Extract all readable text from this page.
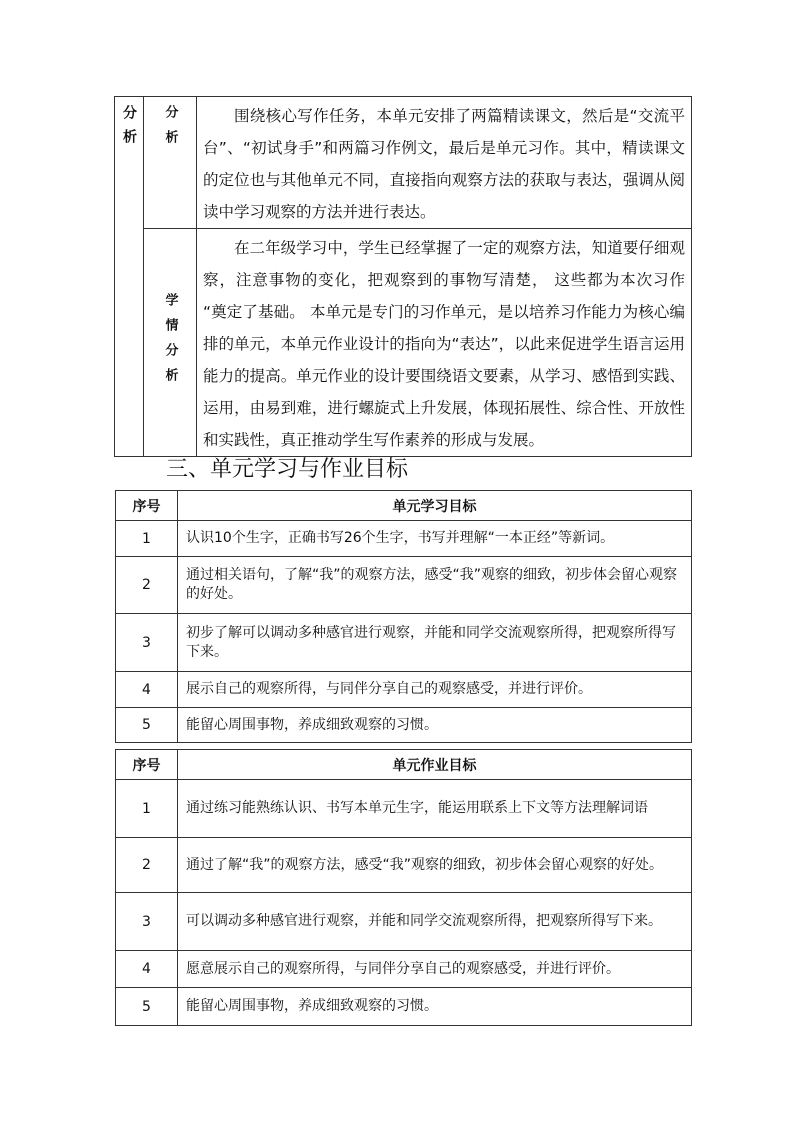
分析	分析	围绕核心写作任务，本单元安排了两篇精读课文，然后是“交流平台”、“初试身手”和两篇习作例文，最后是单元习作。其中，精读课文的定位也与其他单元不同，直接指向观察方法的获取与表达，强调从阅读中学习观察的方法并进行表达。

	学情分析	在二年级学习中，学生已经掌握了一定的观察方法，知道要仔细观察，注意事物的变化，把观察到的事物写清楚， 这些都为本次习作 “奠定了基础。 本单元是专门的习作单元，是以培养习作能力为核心编排的单元，本单元作业设计的指向为“表达”，以此来促进学生语言运用能力的提高。单元作业的设计要围绕语文要素，从学习、感悟到实践、运用，由易到难，进行螺旋式上升发展，体现拓展性、综合性、开放性和实践性，真正推动学生写作素养的形成与发展。
三、单元学习与作业目标
序号	单元学习目标
1	认识10个生字，正确书写26个生字，书写并理解“一本正经”等新词。
2	通过相关语句，了解“我”的观察方法，感受“我”观察的细致，初步体会留心观察的好处。
3	初步了解可以调动多种感官进行观察，并能和同学交流观察所得，把观察所得写下来。
4	展示自己的观察所得，与同伴分享自己的观察感受，并进行评价。
5	能留心周围事物，养成细致观察的习惯。
序号	单元作业目标
1	通过练习能熟练认识、书写本单元生字，能运用联系上下文等方法理解词语
2	通过了解“我”的观察方法，感受“我”观察的细致，初步体会留心观察的好处。
3	可以调动多种感官进行观察，并能和同学交流观察所得，把观察所得写下来。
4	愿意展示自己的观察所得，与同伴分享自己的观察感受，并进行评价。
5	能留心周围事物，养成细致观察的习惯。
